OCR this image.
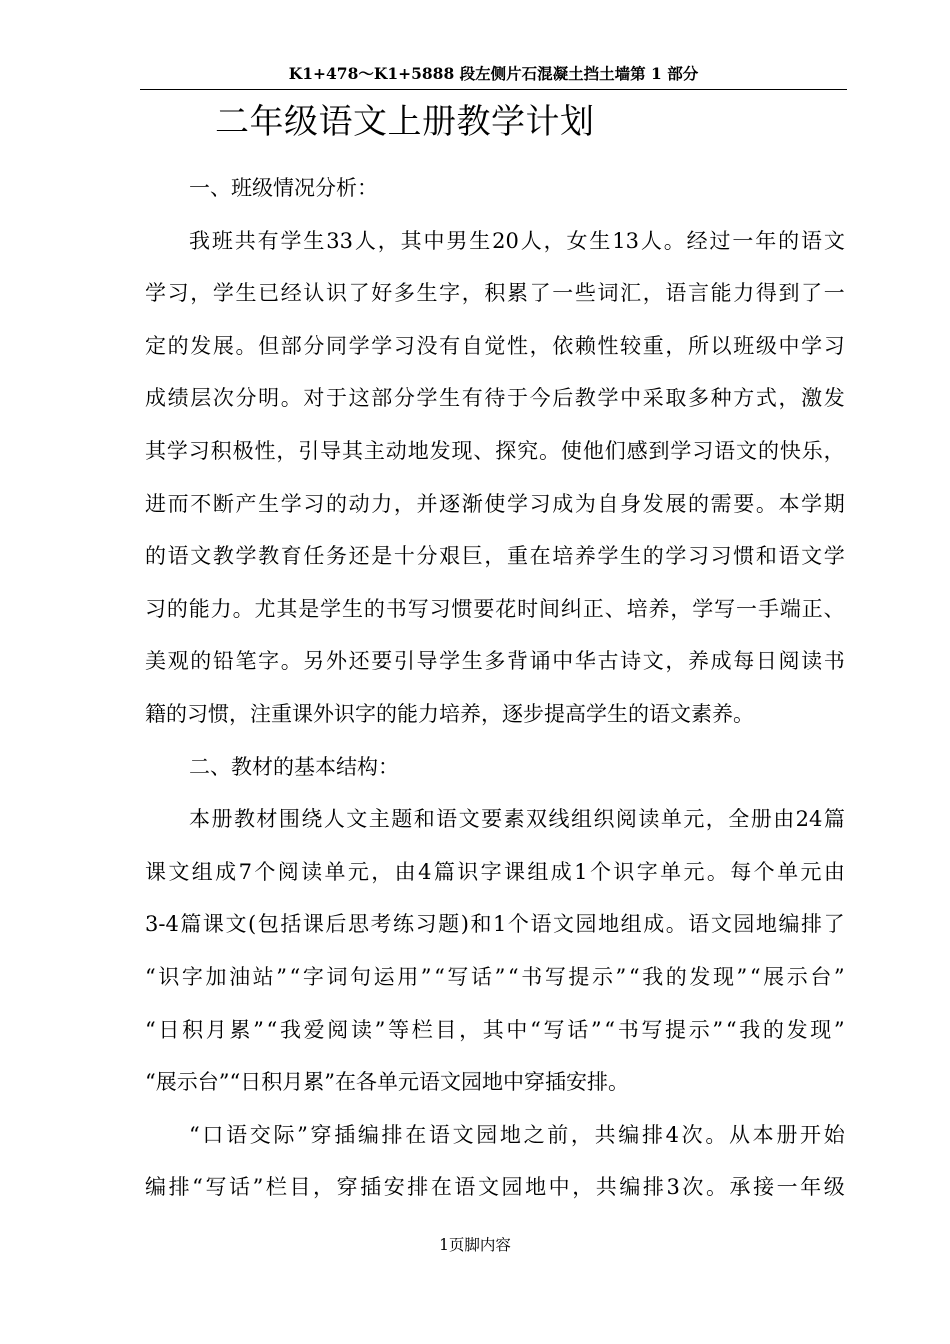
K1+478～K1+5888 段左侧片石混凝土挡土墙第 1 部分
二年级语文上册教学计划
一、班级情况分析：
我 班 共 有 学 生 33 人 ， 其 中 男 生 20 人 ， 女 生 13 人 。 经 过 一 年 的 语 文
学 习 ， 学 生 已 经 认 识 了 好 多 生 字 ， 积 累 了 一 些 词 汇 ， 语 言 能 力 得 到 了 一
定 的 发 展 。 但 部 分 同 学 学 习 没 有 自 觉 性 ， 依 赖 性 较 重 ， 所 以 班 级 中 学 习
成 绩 层 次 分 明 。 对 于 这 部 分 学 生 有 待 于 今 后 教 学 中 采 取 多 种 方 式 ， 激 发
其 学 习 积 极 性 ， 引 导 其 主 动 地 发 现 、 探 究 。 使 他 们 感 到 学 习 语 文 的 快 乐 ，
进 而 不 断 产 生 学 习 的 动 力 ， 并 逐 渐 使 学 习 成 为 自 身 发 展 的 需 要 。 本 学 期
的 语 文 教 学 教 育 任 务 还 是 十 分 艰 巨 ， 重 在 培 养 学 生 的 学 习 习 惯 和 语 文 学
习 的 能 力 。 尤 其 是 学 生 的 书 写 习 惯 要 花 时 间 纠 正 、 培 养 ， 学 写 一 手 端 正 、
美 观 的 铅 笔 字 。 另 外 还 要 引 导 学 生 多 背 诵 中 华 古 诗 文 ， 养 成 每 日 阅 读 书
籍的习惯，注重课外识字的能力培养，逐步提高学生的语文素养。
二、教材的基本结构：
本 册 教 材 围 绕 人 文 主 题 和 语 文 要 素 双 线 组 织 阅 读 单 元 ， 全 册 由 24 篇
课 文 组 成 7 个 阅 读 单 元 ， 由 4 篇 识 字 课 组 成 1 个 识 字 单 元 。 每 个 单 元 由
3-4 篇 课 文 ( 包 括 课 后 思 考 练 习 题 ) 和 1 个 语 文 园 地 组 成 。 语 文 园 地 编 排 了
“ 识 字 加 油 站 ” “ 字 词 句 运 用 ” “ 写 话 ” “ 书 写 提 示 ” “ 我 的 发 现 ” “ 展 示 台 ”
“ 日 积 月 累 ” “ 我 爱 阅 读 ” 等 栏 目 ， 其 中 “ 写 话 ” “ 书 写 提 示 ” “ 我 的 发 现 ”
“展示台”“日积月累”在各单元语文园地中穿插安排。
“ 口 语 交 际 ” 穿 插 编 排 在 语 文 园 地 之 前 ， 共 编 排 4 次 。 从 本 册 开 始
编 排 “ 写 话 ” 栏 目 ， 穿 插 安 排 在 语 文 园 地 中 ， 共 编 排 3 次 。 承 接 一 年 级
1页脚内容
